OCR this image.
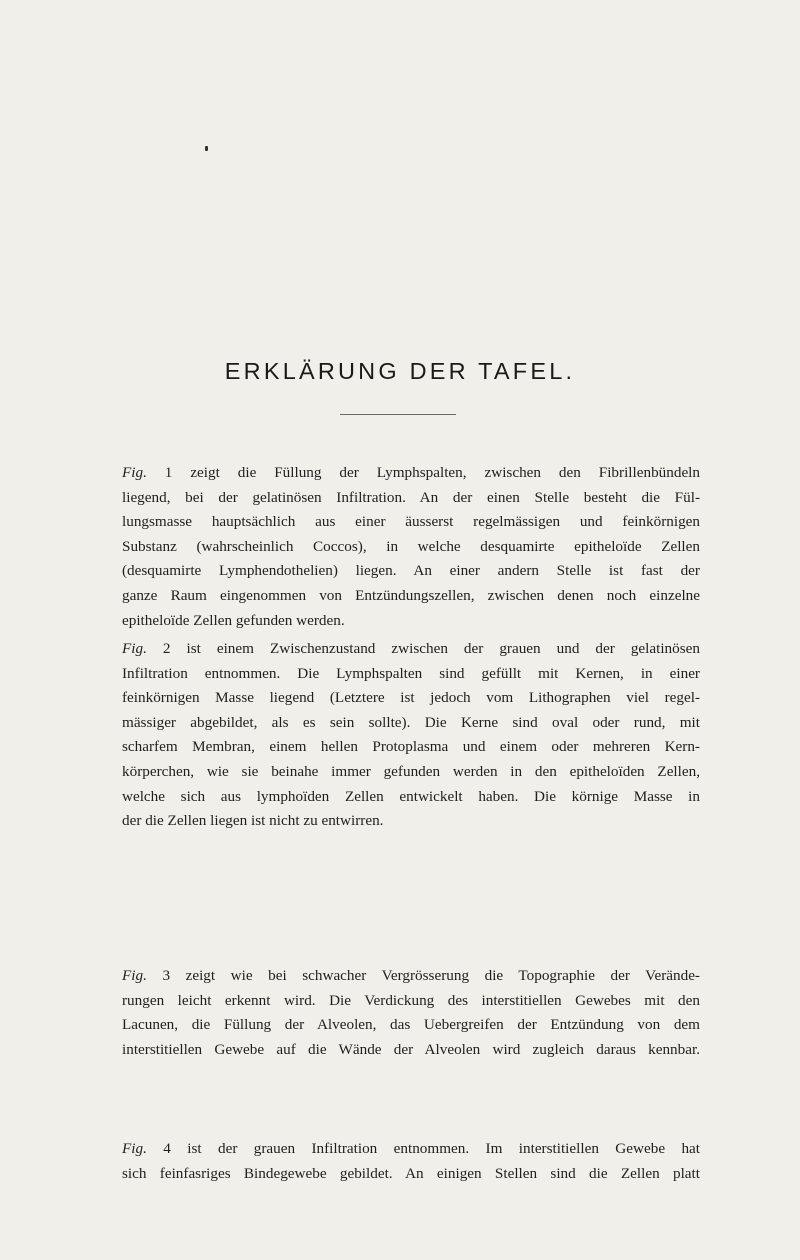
ERKLÄRUNG DER TAFEL.
Fig. 1 zeigt die Füllung der Lymphspalten, zwischen den Fibrillenbündeln
liegend, bei der gelatinösen Infiltration. An der einen Stelle besteht die Fül-
lungsmasse hauptsächlich aus einer äusserst regelmässigen und feinkörnigen
Substanz (wahrscheinlich Coccos), in welche desquamirte epitheloïde Zellen
(desquamirte Lymphendothelien) liegen. An einer andern Stelle ist fast der
ganze Raum eingenommen von Entzündungszellen, zwischen denen noch einzelne
epitheloïde Zellen gefunden werden.
Fig. 2 ist einem Zwischenzustand zwischen der grauen und der gelatinösen
Infiltration entnommen. Die Lymphspalten sind gefüllt mit Kernen, in einer
feinkörnigen Masse liegend (Letztere ist jedoch vom Lithographen viel regel-
mässiger abgebildet, als es sein sollte). Die Kerne sind oval oder rund, mit
scharfem Membran, einem hellen Protoplasma und einem oder mehreren Kern-
körperchen, wie sie beinahe immer gefunden werden in den epitheloïden Zellen,
welche sich aus lymphoïden Zellen entwickelt haben. Die körnige Masse in
der die Zellen liegen ist nicht zu entwirren.
Fig. 3 zeigt wie bei schwacher Vergrösserung die Topographie der Verände-
rungen leicht erkennt wird. Die Verdickung des interstitiellen Gewebes mit den
Lacunen, die Füllung der Alveolen, das Uebergreifen der Entzündung von dem
interstitiellen Gewebe auf die Wände der Alveolen wird zugleich daraus kennbar.
Fig. 4 ist der grauen Infiltration entnommen. Im interstitiellen Gewebe hat
sich feinfasriges Bindegewebe gebildet. An einigen Stellen sind die Zellen platt
